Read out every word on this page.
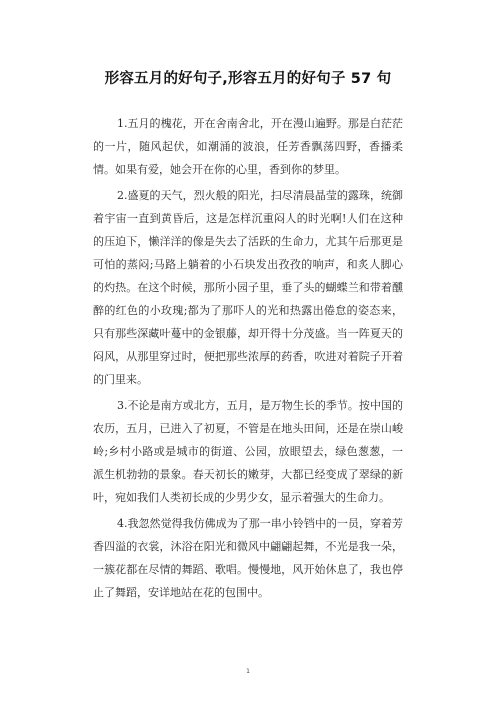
形容五月的好句子,形容五月的好句子 57 句

1.五月的槐花，开在舍南舍北，开在漫山遍野。那是白茫茫的一片，随风起伏，如潮涌的波浪，任芳香飘荡四野，香播柔情。如果有爱，她会开在你的心里，香到你的梦里。

2.盛夏的天气，烈火般的阳光，扫尽清晨晶莹的露珠，统御着宇宙一直到黄昏后，这是怎样沉重闷人的时光啊!人们在这种的压迫下，懒洋洋的像是失去了活跃的生命力，尤其午后那更是可怕的蒸闷;马路上躺着的小石块发出孜孜的响声，和炙人脚心的灼热。在这个时候，那所小园子里，垂了头的蝴蝶兰和带着醺醉的红色的小玫瑰;都为了那吓人的光和热露出倦怠的姿态来，只有那些深藏叶蔓中的金银藤，却开得十分茂盛。当一阵夏天的闷风，从那里穿过时，便把那些浓厚的药香，吹进对着院子开着的门里来。

3.不论是南方或北方，五月，是万物生长的季节。按中国的农历，五月，已进入了初夏，不管是在地头田间，还是在崇山峻岭;乡村小路或是城市的街道、公园，放眼望去，绿色葱葱，一派生机勃勃的景象。春天初长的嫩芽，大都已经变成了翠绿的新叶，宛如我们人类初长成的少男少女，显示着强大的生命力。

4.我忽然觉得我仿佛成为了那一串小铃铛中的一员，穿着芳香四溢的衣裳，沐浴在阳光和微风中翩翩起舞，不光是我一朵，一簇花都在尽情的舞蹈、歌唱。慢慢地，风开始休息了，我也停止了舞蹈，安详地站在花的包围中。

1
